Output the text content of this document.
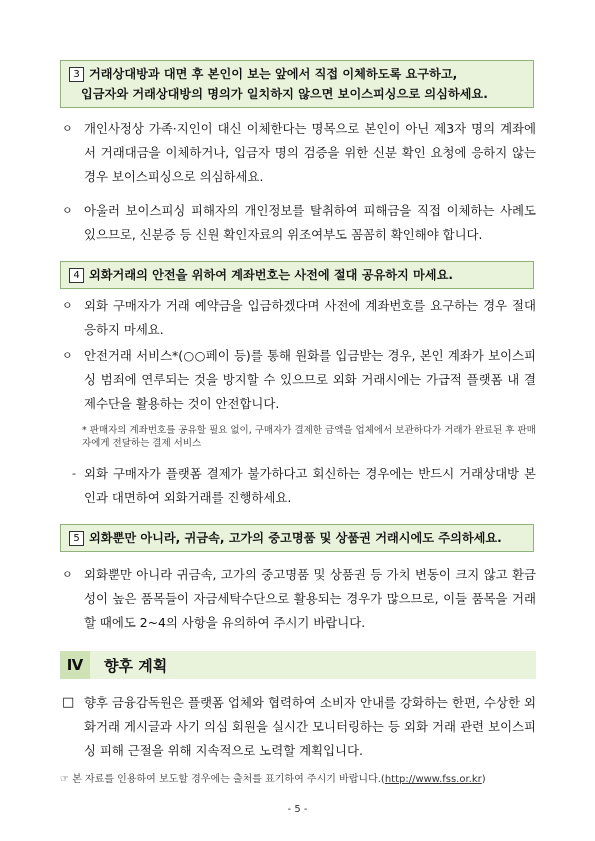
3 거래상대방과 대면 후 본인이 보는 앞에서 직접 이체하도록 요구하고,
입금자와 거래상대방의 명의가 일치하지 않으면 보이스피싱으로 의심하세요.
ㅇ 개인사정상 가족·지인이 대신 이체한다는 명목으로 본인이 아닌 제3자 명의 계좌에서 거래대금을 이체하거나, 입금자 명의 검증을 위한 신분 확인 요청에 응하지 않는 경우 보이스피싱으로 의심하세요.
ㅇ 아울러 보이스피싱 피해자의 개인정보를 탈취하여 피해금을 직접 이체하는 사례도 있으므로, 신분증 등 신원 확인자료의 위조여부도 꼼꼼히 확인해야 합니다.
4 외화거래의 안전을 위하여 계좌번호는 사전에 절대 공유하지 마세요.
ㅇ 외화 구매자가 거래 예약금을 입금하겠다며 사전에 계좌번호를 요구하는 경우 절대 응하지 마세요.
ㅇ 안전거래 서비스*(○○페이 등)를 통해 원화를 입금받는 경우, 본인 계좌가 보이스피싱 범죄에 연루되는 것을 방지할 수 있으므로 외화 거래시에는 가급적 플랫폼 내 결제수단을 활용하는 것이 안전합니다.
* 판매자의 계좌번호를 공유할 필요 없이, 구매자가 결제한 금액을 업체에서 보관하다가 거래가 완료된 후 판매자에게 전달하는 결제 서비스
- 외화 구매자가 플랫폼 결제가 불가하다고 회신하는 경우에는 반드시 거래상대방 본인과 대면하여 외화거래를 진행하세요.
5 외화뿐만 아니라, 귀금속, 고가의 중고명품 및 상품권 거래시에도 주의하세요.
ㅇ 외화뿐만 아니라 귀금속, 고가의 중고명품 및 상품권 등 가치 변동이 크지 않고 환금성이 높은 품목들이 자금세탁수단으로 활용되는 경우가 많으므로, 이들 품목을 거래할 때에도 2~4의 사항을 유의하여 주시기 바랍니다.
Ⅳ	향후 계획
□ 향후 금융감독원은 플랫폼 업체와 협력하여 소비자 안내를 강화하는 한편, 수상한 외화거래 게시글과 사기 의심 회원을 실시간 모니터링하는 등 외화 거래 관련 보이스피싱 피해 근절을 위해 지속적으로 노력할 계획입니다.
☞ 본 자료를 인용하여 보도할 경우에는 출처를 표기하여 주시기 바랍니다.(http://www.fss.or.kr)
- 5 -
